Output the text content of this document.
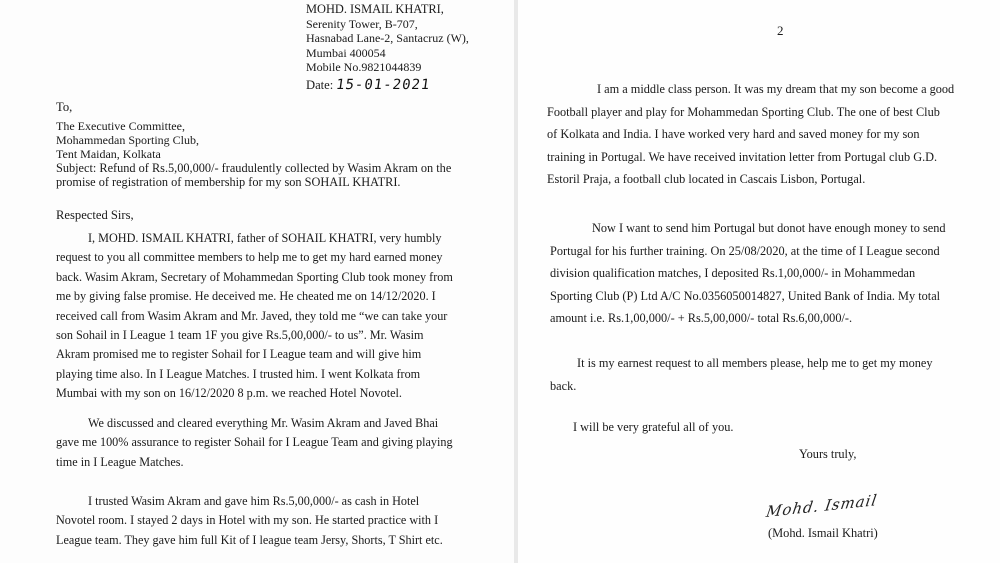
MOHD. ISMAIL KHATRI,
Serenity Tower, B-707,
Hasnabad Lane-2, Santacruz (W),
Mumbai 400054
Mobile No.9821044839
Date: 15-01-2021
To,
The Executive Committee,
Mohammedan Sporting Club,
Tent Maidan, Kolkata
Subject: Refund of Rs.5,00,000/- fraudulently collected by Wasim Akram on the
promise of registration of membership for my son SOHAIL KHATRI.
Respected Sirs,
I, MOHD. ISMAIL KHATRI, father of SOHAIL KHATRI, very humbly
request to you all committee members to help me to get my hard earned money
back. Wasim Akram, Secretary of Mohammedan Sporting Club took money from
me by giving false promise. He deceived me. He cheated me on 14/12/2020. I
received call from Wasim Akram and Mr. Javed, they told me “we can take your
son Sohail in I League 1 team 1F you give Rs.5,00,000/- to us”. Mr. Wasim
Akram promised me to register Sohail for I League team and will give him
playing time also. In I League Matches. I trusted him. I went Kolkata from
Mumbai with my son on 16/12/2020 8 p.m. we reached Hotel Novotel.
We discussed and cleared everything Mr. Wasim Akram and Javed Bhai
gave me 100% assurance to register Sohail for I League Team and giving playing
time in I League Matches.
I trusted Wasim Akram and gave him Rs.5,00,000/- as cash in Hotel
Novotel room. I stayed 2 days in Hotel with my son. He started practice with I
League team. They gave him full Kit of I league team Jersy, Shorts, T Shirt etc.
2
I am a middle class person. It was my dream that my son become a good
Football player and play for Mohammedan Sporting Club. The one of best Club
of Kolkata and India. I have worked very hard and saved money for my son
training in Portugal. We have received invitation letter from Portugal club G.D.
Estoril Praja, a football club located in Cascais Lisbon, Portugal.
Now I want to send him Portugal but donot have enough money to send
Portugal for his further training. On 25/08/2020, at the time of I League second
division qualification matches, I deposited Rs.1,00,000/- in Mohammedan
Sporting Club (P) Ltd A/C No.0356050014827, United Bank of India. My total
amount i.e. Rs.1,00,000/- + Rs.5,00,000/- total Rs.6,00,000/-.
It is my earnest request to all members please, help me to get my money
back.
I will be very grateful all of you.
Yours truly,
Mohd. Ismail
(Mohd. Ismail Khatri)
